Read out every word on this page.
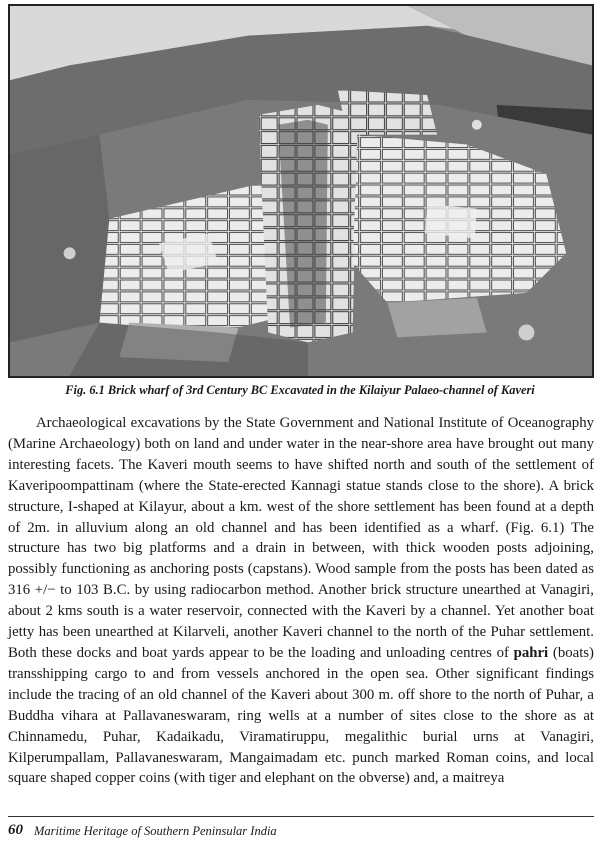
Fig. 6.1 Brick wharf of 3rd Century BC Excavated in the Kilaiyur Palaeo-channel of Kaveri

Archaeological excavations by the State Government and National Institute of Oceanography (Marine Archaeology) both on land and under water in the near-shore area have brought out many interesting facets. The Kaveri mouth seems to have shifted north and south of the settlement of Kaveripoompattinam (where the State-erected Kannagi statue stands close to the shore). A brick structure, I-shaped at Kilayur, about a km. west of the shore settlement has been found at a depth of 2m. in alluvium along an old channel and has been identified as a wharf. (Fig. 6.1) The structure has two big platforms and a drain in between, with thick wooden posts adjoining, possibly functioning as anchoring posts (capstans). Wood sample from the posts has been dated as 316 +/− to 103 B.C. by using radiocarbon method. Another brick structure unearthed at Vanagiri, about 2 kms south is a water reservoir, connected with the Kaveri by a channel. Yet another boat jetty has been unearthed at Kilarveli, another Kaveri channel to the north of the Puhar settlement. Both these docks and boat yards appear to be the loading and unloading centres of pahri (boats) transshipping cargo to and from vessels anchored in the open sea. Other significant findings include the tracing of an old channel of the Kaveri about 300 m. off shore to the north of Puhar, a Buddha vihara at Pallavaneswaram, ring wells at a number of sites close to the shore as at Chinnamedu, Puhar, Kadaikadu, Viramatiruppu, megalithic burial urns at Vanagiri, Kilperumpallam, Pallavaneswaram, Mangaimadam etc. punch marked Roman coins, and local square shaped copper coins (with tiger and elephant on the obverse) and, a maitreya

60 Maritime Heritage of Southern Peninsular India
